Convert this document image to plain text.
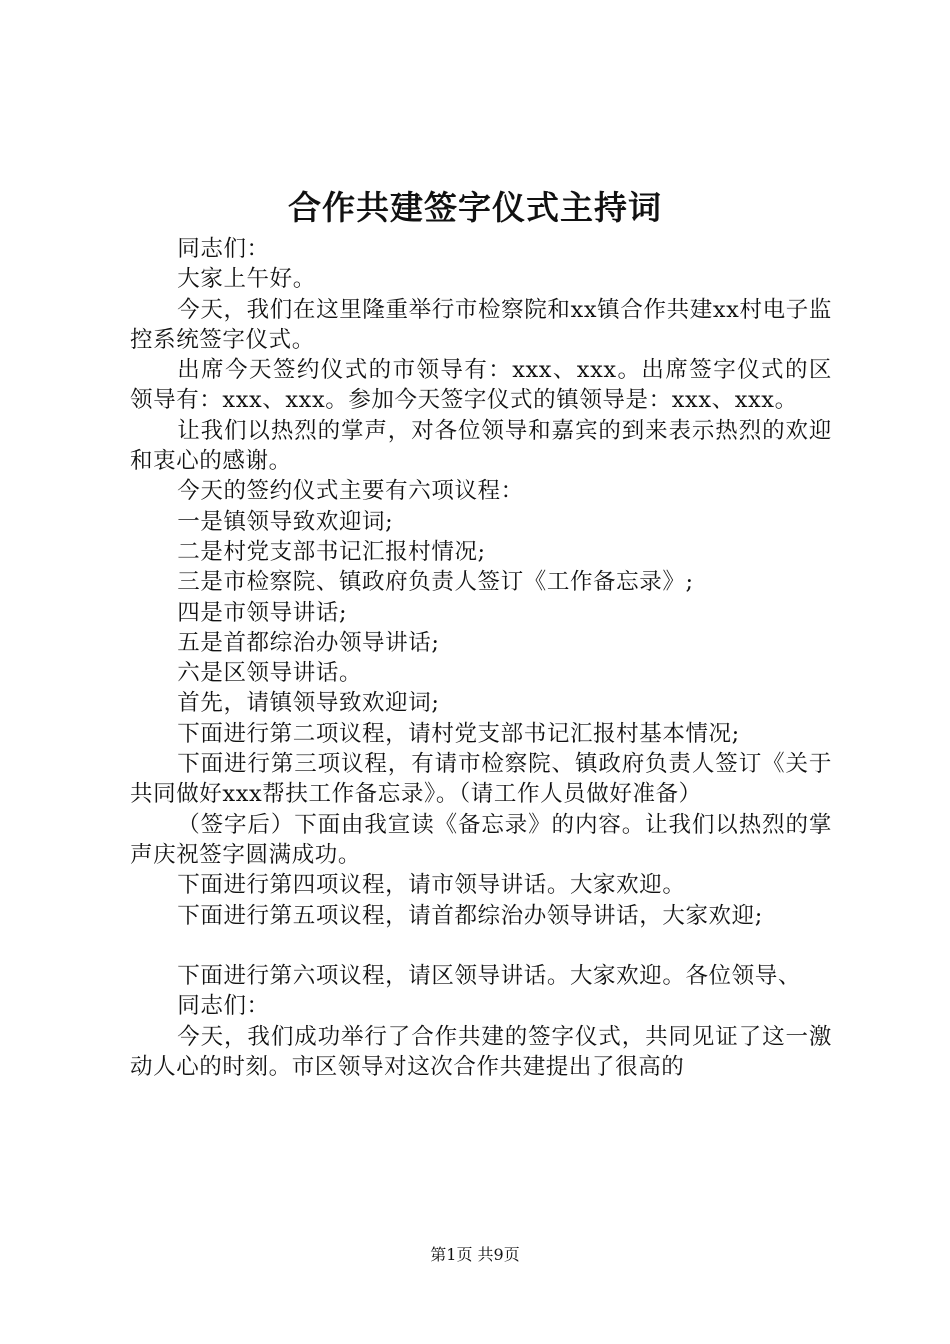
合作共建签字仪式主持词

同志们：

大家上午好。

今天，我们在这里隆重举行市检察院和xx镇合作共建xx村电子监控系统签字仪式。

出席今天签约仪式的市领导有：xxx、xxx。出席签字仪式的区领导有：xxx、xxx。参加今天签字仪式的镇领导是：xxx、xxx。

让我们以热烈的掌声，对各位领导和嘉宾的到来表示热烈的欢迎和衷心的感谢。

今天的签约仪式主要有六项议程：

一是镇领导致欢迎词;

二是村党支部书记汇报村情况;

三是市检察院、镇政府负责人签订《工作备忘录》;

四是市领导讲话;

五是首都综治办领导讲话;

六是区领导讲话。

首先，请镇领导致欢迎词;

下面进行第二项议程，请村党支部书记汇报村基本情况;

下面进行第三项议程，有请市检察院、镇政府负责人签订《关于共同做好xxx帮扶工作备忘录》。（请工作人员做好准备）

（签字后）下面由我宣读《备忘录》的内容。让我们以热烈的掌声庆祝签字圆满成功。

下面进行第四项议程，请市领导讲话。大家欢迎。

下面进行第五项议程，请首都综治办领导讲话，大家欢迎;

下面进行第六项议程，请区领导讲话。大家欢迎。各位领导、

同志们：

今天，我们成功举行了合作共建的签字仪式，共同见证了这一激动人心的时刻。市区领导对这次合作共建提出了很高的

第1页 共9页
